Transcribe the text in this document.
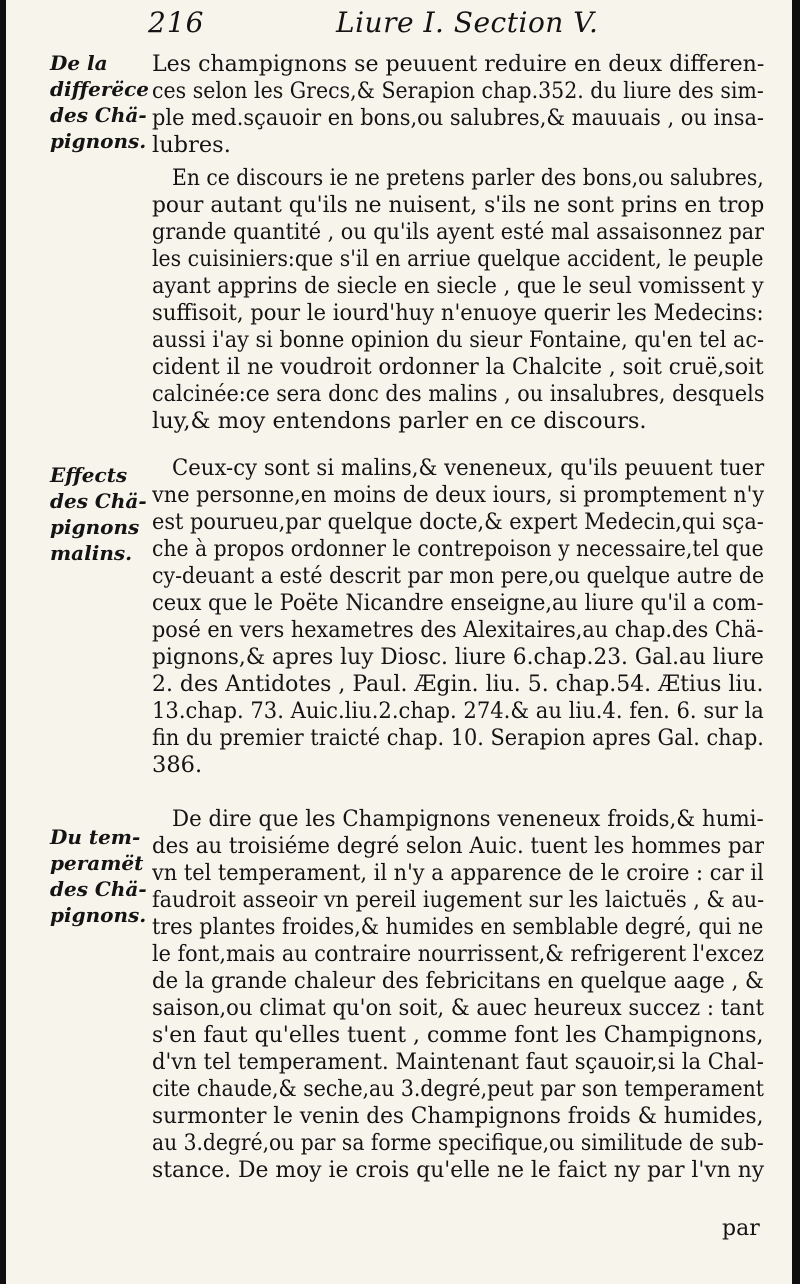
216	Liure I. Section V.
De la
differëce
des Chä-
pignons.
Effects
des Chä-
pignons
malins.
Du tem-
peramët
des Chä-
pignons.
Les champignons se peuuent reduire en deux differen-
ces selon les Grecs,& Serapion chap.352. du liure des sim-
ple med.sçauoir en bons,ou salubres,& mauuais , ou insa-
lubres.
En ce discours ie ne pretens parler des bons,ou salubres,
pour autant qu'ils ne nuisent, s'ils ne sont prins en trop
grande quantité , ou qu'ils ayent esté mal assaisonnez par
les cuisiniers:que s'il en arriue quelque accident, le peuple
ayant apprins de siecle en siecle , que le seul vomissent y
suffisoit, pour le iourd'huy n'enuoye querir les Medecins:
aussi i'ay si bonne opinion du sieur Fontaine, qu'en tel ac-
cident il ne voudroit ordonner la Chalcite , soit cruë,soit
calcinée:ce sera donc des malins , ou insalubres, desquels
luy,& moy entendons parler en ce discours.
Ceux-cy sont si malins,& veneneux, qu'ils peuuent tuer
vne personne,en moins de deux iours, si promptement n'y
est pourueu,par quelque docte,& expert Medecin,qui sça-
che à propos ordonner le contrepoison y necessaire,tel que
cy-deuant a esté descrit par mon pere,ou quelque autre de
ceux que le Poëte Nicandre enseigne,au liure qu'il a com-
posé en vers hexametres des Alexitaires,au chap.des Chä-
pignons,& apres luy Diosc. liure 6.chap.23. Gal.au liure
2. des Antidotes , Paul. Ægin. liu. 5. chap.54. Ætius liu.
13.chap. 73. Auic.liu.2.chap. 274.& au liu.4. fen. 6. sur la
fin du premier traicté chap. 10. Serapion apres Gal. chap.
386.
De dire que les Champignons veneneux froids,& humi-
des au troisiéme degré selon Auic. tuent les hommes par
vn tel temperament, il n'y a apparence de le croire : car il
faudroit asseoir vn pereil iugement sur les laictuës , & au-
tres plantes froides,& humides en semblable degré, qui ne
le font,mais au contraire nourrissent,& refrigerent l'excez
de la grande chaleur des febricitans en quelque aage , &
saison,ou climat qu'on soit, & auec heureux succez : tant
s'en faut qu'elles tuent , comme font les Champignons,
d'vn tel temperament. Maintenant faut sçauoir,si la Chal-
cite chaude,& seche,au 3.degré,peut par son temperament
surmonter le venin des Champignons froids & humides,
au 3.degré,ou par sa forme specifique,ou similitude de sub-
stance. De moy ie crois qu'elle ne le faict ny par l'vn ny
par
